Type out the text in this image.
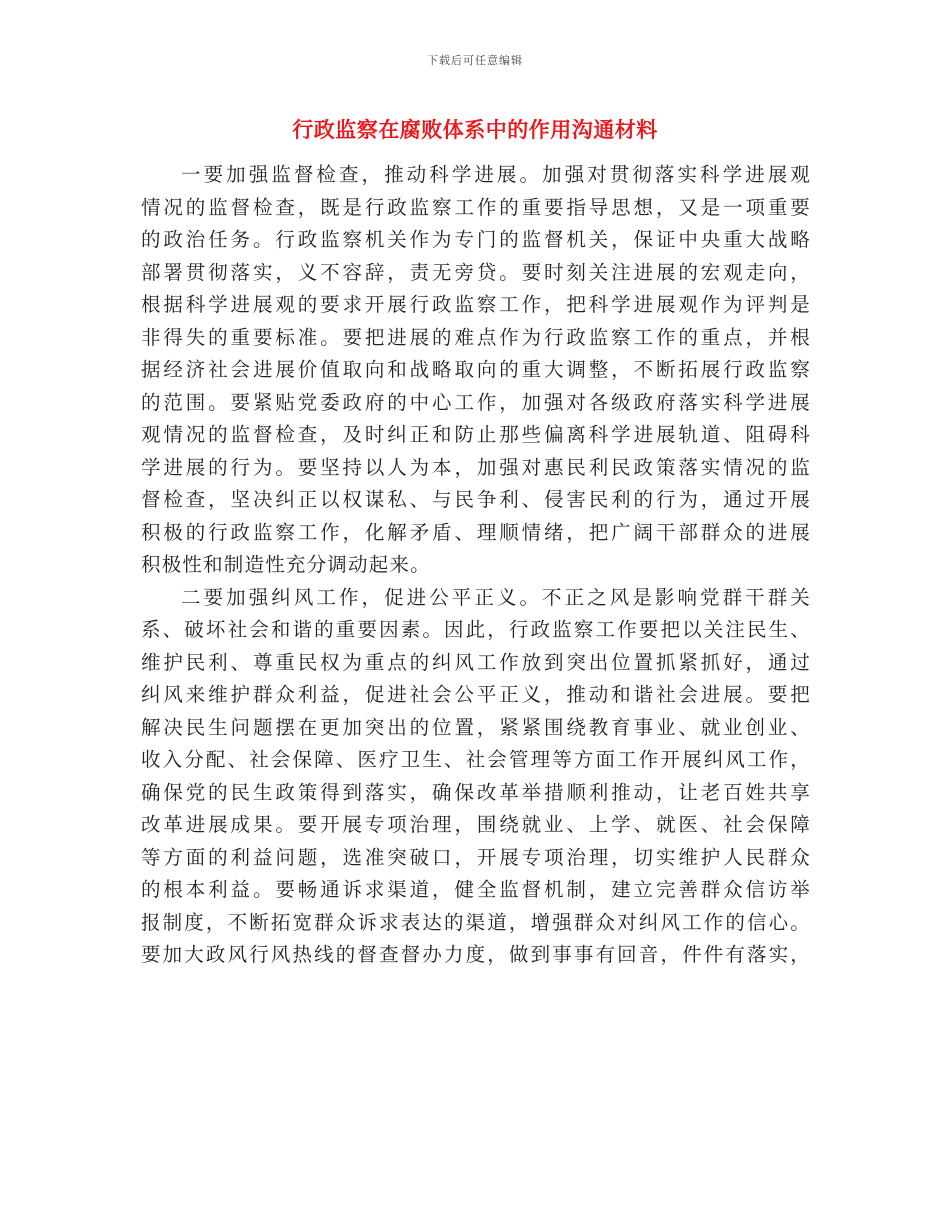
下载后可任意编辑
行政监察在腐败体系中的作用沟通材料
一要加强监督检查，推动科学进展。加强对贯彻落实科学进展观
情况的监督检查，既是行政监察工作的重要指导思想，又是一项重要
的政治任务。行政监察机关作为专门的监督机关，保证中央重大战略
部署贯彻落实，义不容辞，责无旁贷。要时刻关注进展的宏观走向，
根据科学进展观的要求开展行政监察工作，把科学进展观作为评判是
非得失的重要标准。要把进展的难点作为行政监察工作的重点，并根
据经济社会进展价值取向和战略取向的重大调整，不断拓展行政监察
的范围。要紧贴党委政府的中心工作，加强对各级政府落实科学进展
观情况的监督检查，及时纠正和防止那些偏离科学进展轨道、阻碍科
学进展的行为。要坚持以人为本，加强对惠民利民政策落实情况的监
督检查，坚决纠正以权谋私、与民争利、侵害民利的行为，通过开展
积极的行政监察工作，化解矛盾、理顺情绪，把广阔干部群众的进展
积极性和制造性充分调动起来。
二要加强纠风工作，促进公平正义。不正之风是影响党群干群关
系、破坏社会和谐的重要因素。因此，行政监察工作要把以关注民生、
维护民利、尊重民权为重点的纠风工作放到突出位置抓紧抓好，通过
纠风来维护群众利益，促进社会公平正义，推动和谐社会进展。要把
解决民生问题摆在更加突出的位置，紧紧围绕教育事业、就业创业、
收入分配、社会保障、医疗卫生、社会管理等方面工作开展纠风工作，
确保党的民生政策得到落实，确保改革举措顺利推动，让老百姓共享
改革进展成果。要开展专项治理，围绕就业、上学、就医、社会保障
等方面的利益问题，选准突破口，开展专项治理，切实维护人民群众
的根本利益。要畅通诉求渠道，健全监督机制，建立完善群众信访举
报制度，不断拓宽群众诉求表达的渠道，增强群众对纠风工作的信心。
要加大政风行风热线的督查督办力度，做到事事有回音，件件有落实，
